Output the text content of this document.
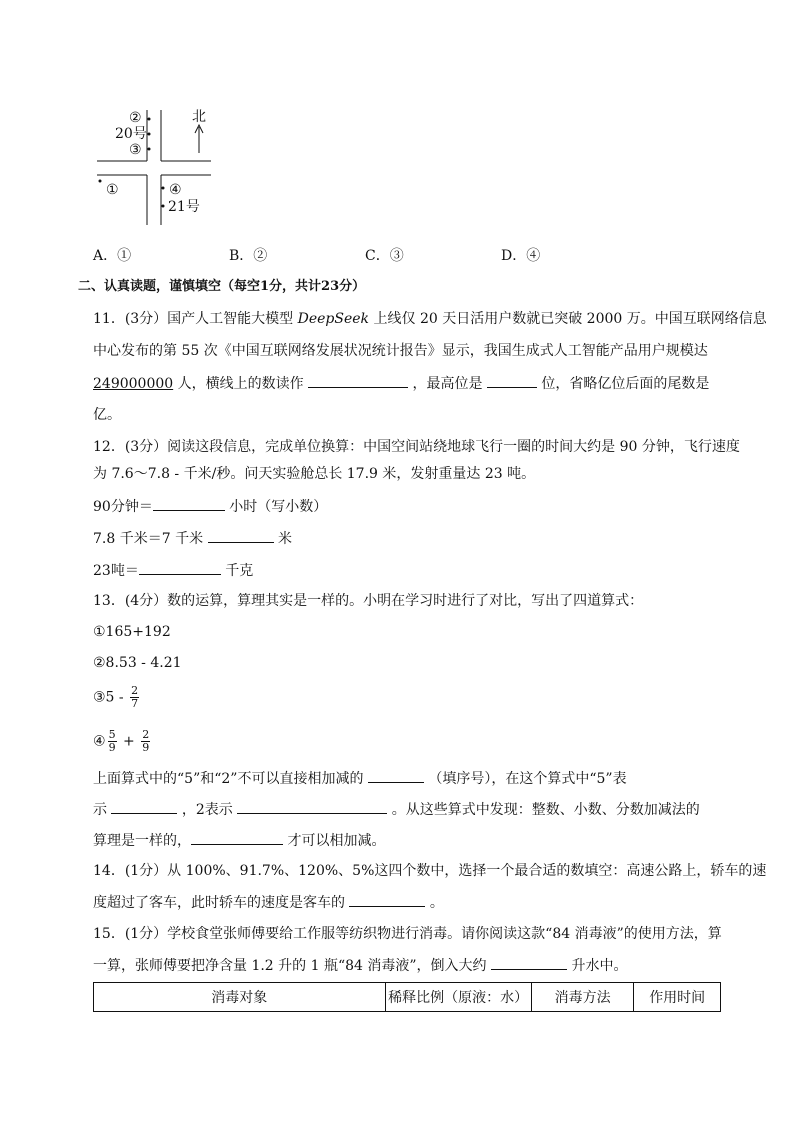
北
②
20号
③
①	④
21号
A．①	B．②	C．③	D．④
二、认真读题，谨慎填空（每空1分，共计23分）
11．(3分）国产人工智能大模型 DeepSeek 上线仅 20 天日活用户数就已突破 2000 万。中国互联网络信息
中心发布的第 55 次《中国互联网络发展状况统计报告》显示，我国生成式人工智能产品用户规模达
249000000 人，横线上的数读作	，最高位是	位，省略亿位后面的尾数是
亿。
12．(3分）阅读这段信息，完成单位换算：中国空间站绕地球飞行一圈的时间大约是 90 分钟，飞行速度
为 7.6～7.8 - 千米/秒。问天实验舱总长 17.9 米，发射重量达 23 吨。
90分钟＝	小时（写小数）
7.8 千米＝7 千米	米
23吨＝	千克
13．(4分）数的运算，算理其实是一样的。小明在学习时进行了对比，写出了四道算式：
①165+192
②8.53 - 4.21
③5 - $\frac{2}{7}$
④ $\frac{5}{9} + \frac{2}{9}$
上面算式中的“5”和“2”不可以直接相加减的	（填序号），在这个算式中“5”表
示	，2表示	。从这些算式中发现：整数、小数、分数加减法的
算理是一样的，	才可以相加减。
14．(1分）从 100%、91.7%、120%、5%这四个数中，选择一个最合适的数填空：高速公路上，轿车的速
度超过了客车，此时轿车的速度是客车的	。
15．(1分）学校食堂张师傅要给工作服等纺织物进行消毒。请你阅读这款“84 消毒液”的使用方法，算
一算，张师傅要把净含量 1.2 升的 1 瓶“84 消毒液”，倒入大约	升水中。
消毒对象	稀释比例（原液：水）	消毒方法	作用时间
